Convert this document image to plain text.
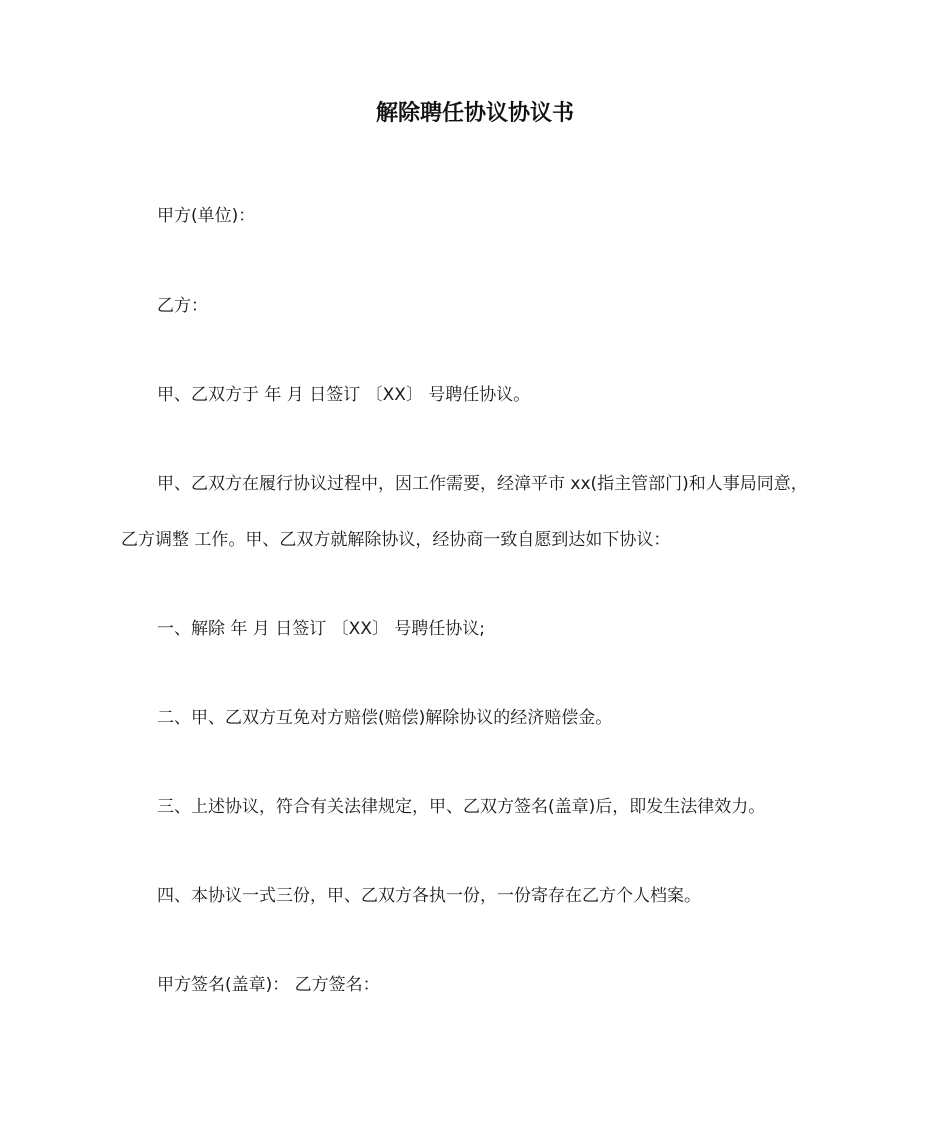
解除聘任协议协议书
甲方(单位)：
乙方：
甲、乙双方于 年 月 日签订 〔XX〕 号聘任协议。
甲、乙双方在履行协议过程中，因工作需要，经漳平市 xx(指主管部门)和人事局同意，
乙方调整 工作。甲、乙双方就解除协议，经协商一致自愿到达如下协议：
一、解除 年 月 日签订 〔XX〕 号聘任协议;
二、甲、乙双方互免对方赔偿(赔偿)解除协议的经济赔偿金。
三、上述协议，符合有关法律规定，甲、乙双方签名(盖章)后，即发生法律效力。
四、本协议一式三份，甲、乙双方各执一份，一份寄存在乙方个人档案。
甲方签名(盖章)： 乙方签名：
